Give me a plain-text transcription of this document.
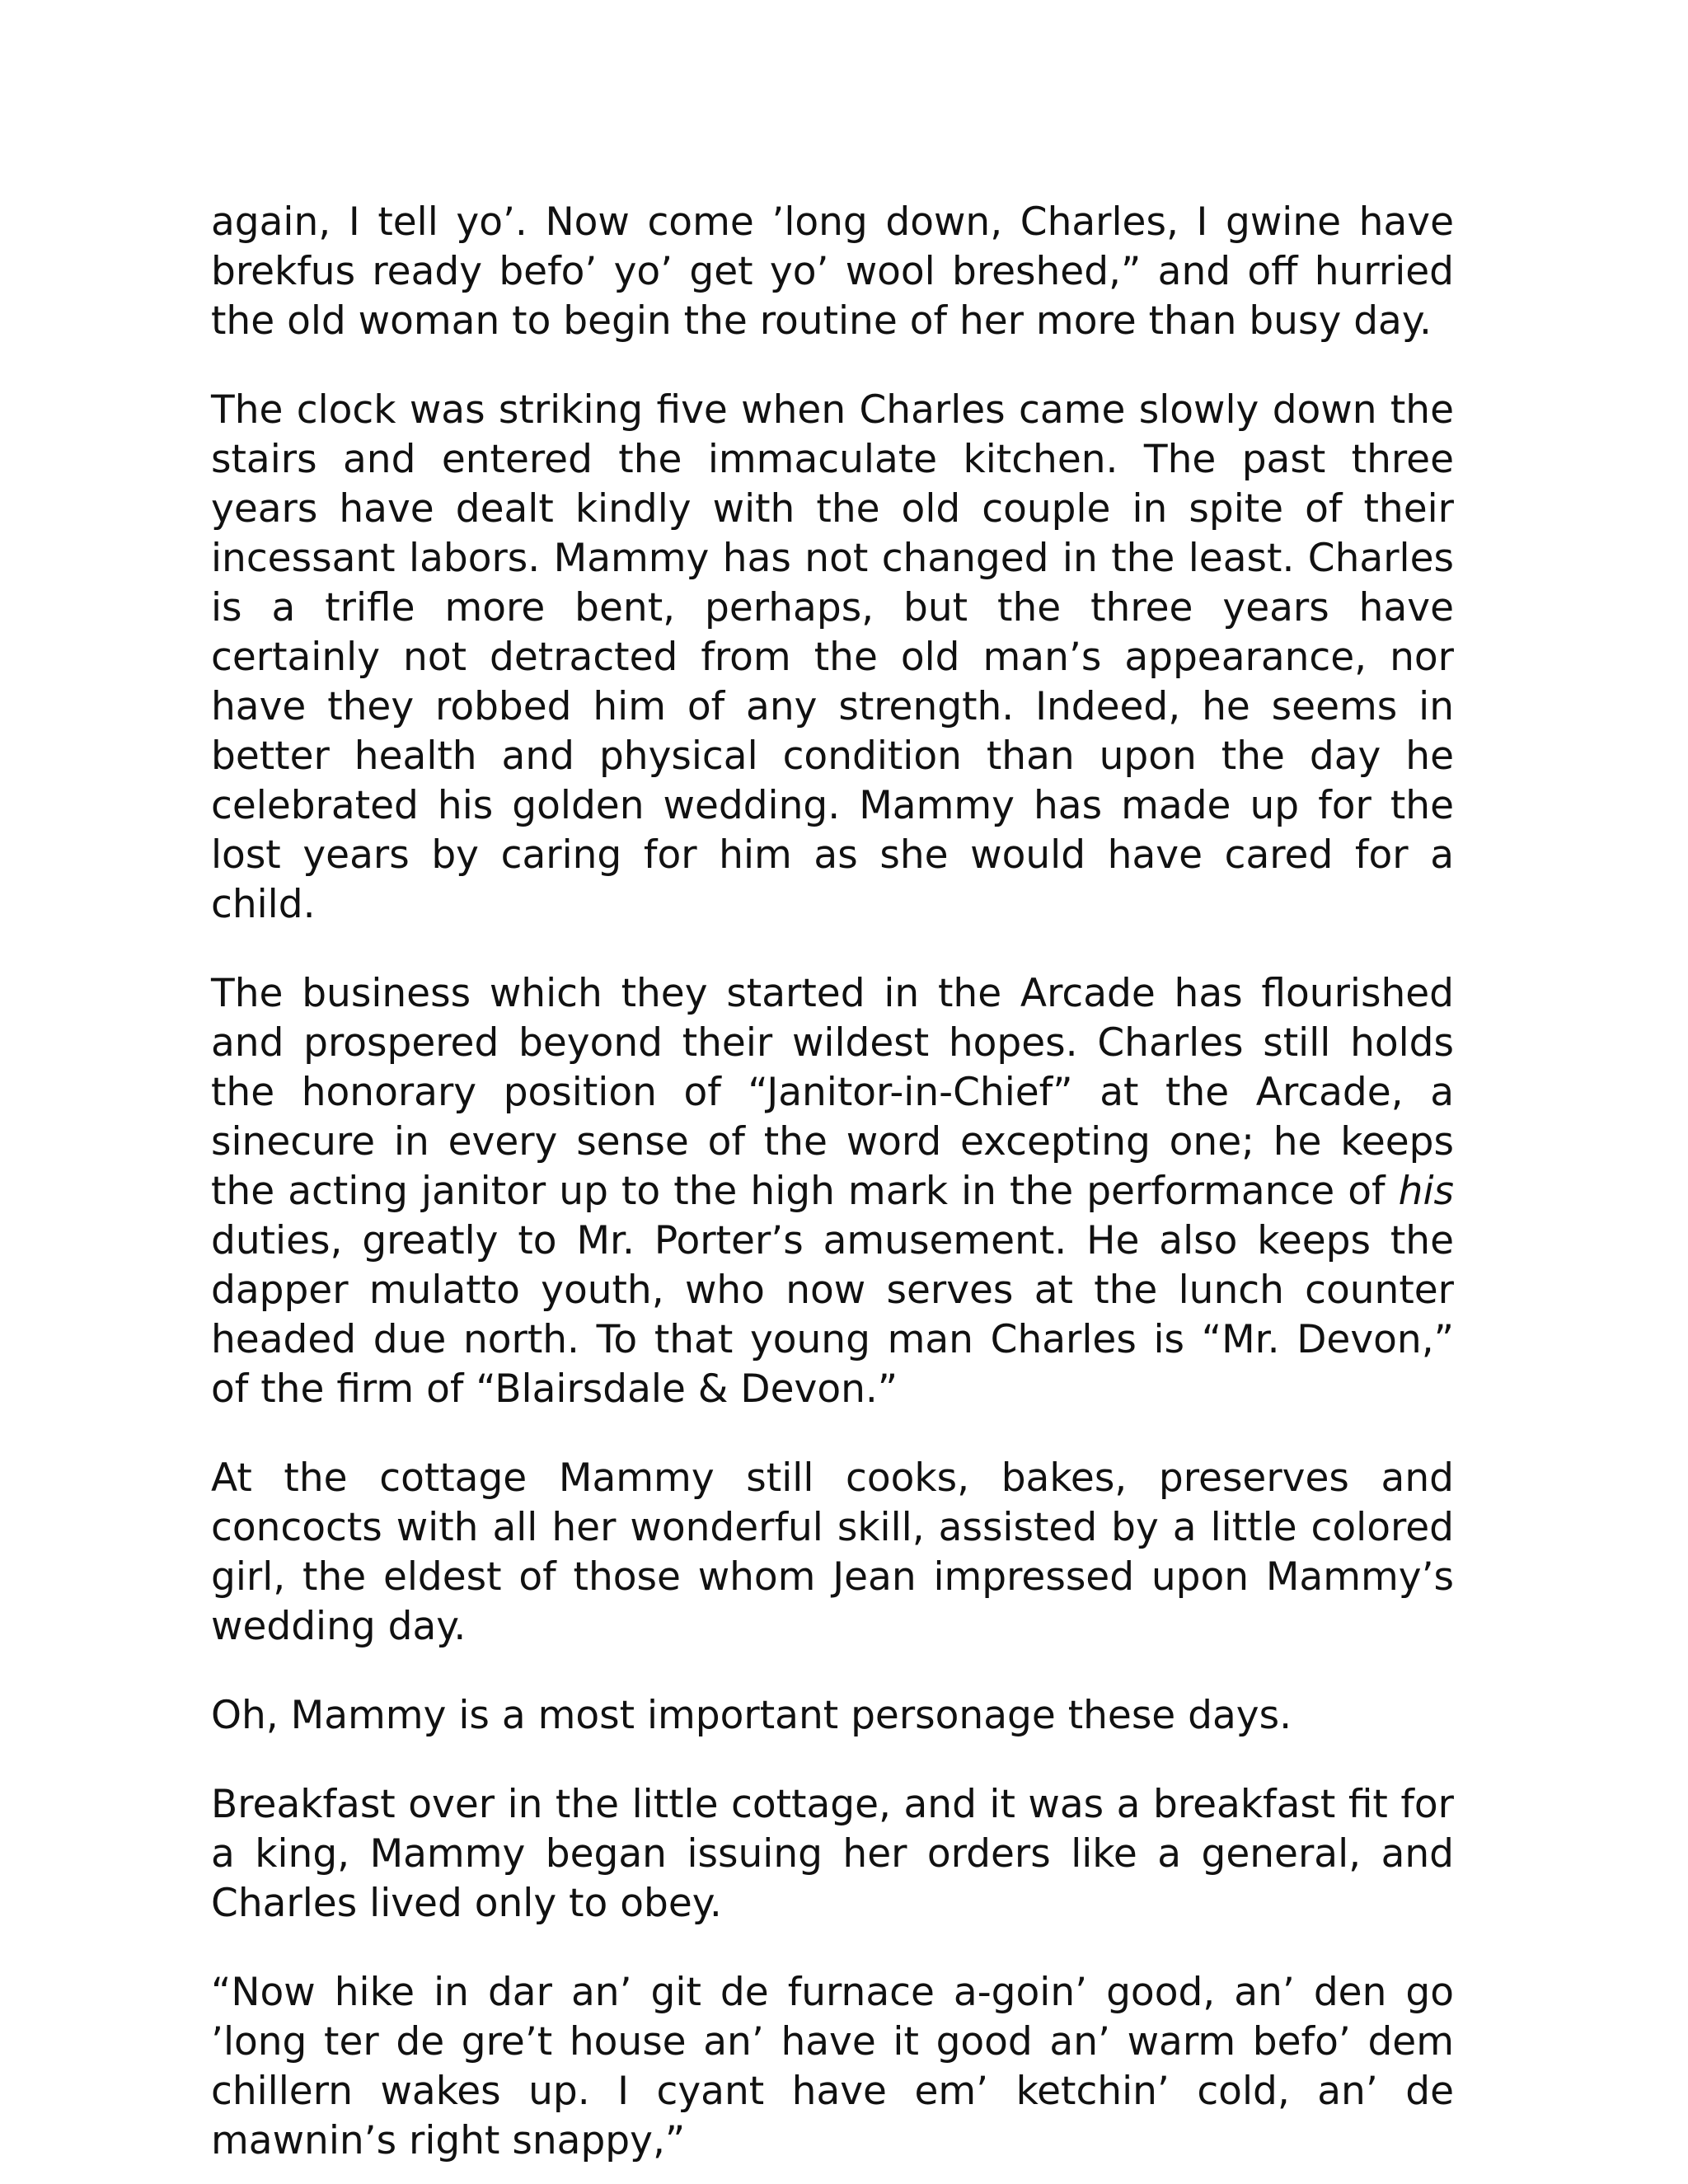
again, I tell yo’. Now come ’long down, Charles, I gwine have brekfus ready befo’ yo’ get yo’ wool breshed,” and off hurried the old woman to begin the routine of her more than busy day.

The clock was striking five when Charles came slowly down the stairs and entered the immaculate kitchen. The past three years have dealt kindly with the old couple in spite of their incessant labors. Mammy has not changed in the least. Charles is a trifle more bent, perhaps, but the three years have certainly not detracted from the old man’s appearance, nor have they robbed him of any strength. Indeed, he seems in better health and physical condition than upon the day he celebrated his golden wedding. Mammy has made up for the lost years by caring for him as she would have cared for a child.

The business which they started in the Arcade has flourished and prospered beyond their wildest hopes. Charles still holds the honorary position of “Janitor-in-Chief” at the Arcade, a sinecure in every sense of the word excepting one; he keeps the acting janitor up to the high mark in the performance of his duties, greatly to Mr. Porter’s amusement. He also keeps the dapper mulatto youth, who now serves at the lunch counter headed due north. To that young man Charles is “Mr. Devon,” of the firm of “Blairsdale & Devon.”

At the cottage Mammy still cooks, bakes, preserves and concocts with all her wonderful skill, assisted by a little colored girl, the eldest of those whom Jean impressed upon Mammy’s wedding day.

Oh, Mammy is a most important personage these days.

Breakfast over in the little cottage, and it was a breakfast fit for a king, Mammy began issuing her orders like a general, and Charles lived only to obey.

“Now hike in dar an’ git de furnace a-goin’ good, an’ den go ’long ter de gre’t house an’ have it good an’ warm befo’ dem chillern wakes up. I cyant have em’ ketchin’ cold, an’ de mawnin’s right snappy,”
